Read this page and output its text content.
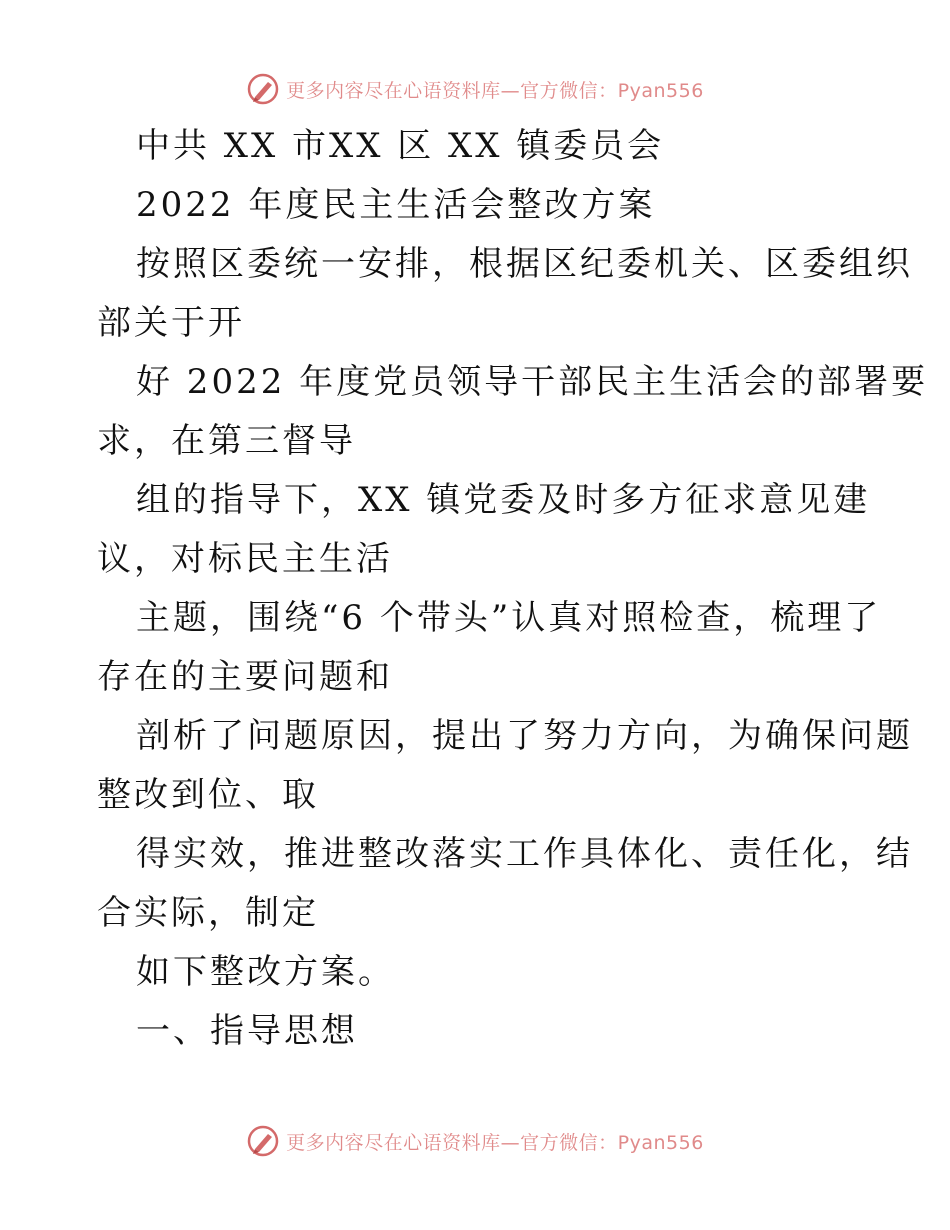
更多内容尽在心语资料库—官方微信：Pyan556
中共 XX 市XX 区 XX 镇委员会
2022 年度民主生活会整改方案
按照区委统一安排，根据区纪委机关、区委组织
部关于开
好 2022 年度党员领导干部民主生活会的部署要
求，在第三督导
组的指导下，XX 镇党委及时多方征求意见建
议，对标民主生活
主题，围绕“6 个带头”认真对照检查，梳理了
存在的主要问题和
剖析了问题原因，提出了努力方向，为确保问题
整改到位、取
得实效，推进整改落实工作具体化、责任化，结
合实际，制定
如下整改方案。
一、指导思想
更多内容尽在心语资料库—官方微信：Pyan556
